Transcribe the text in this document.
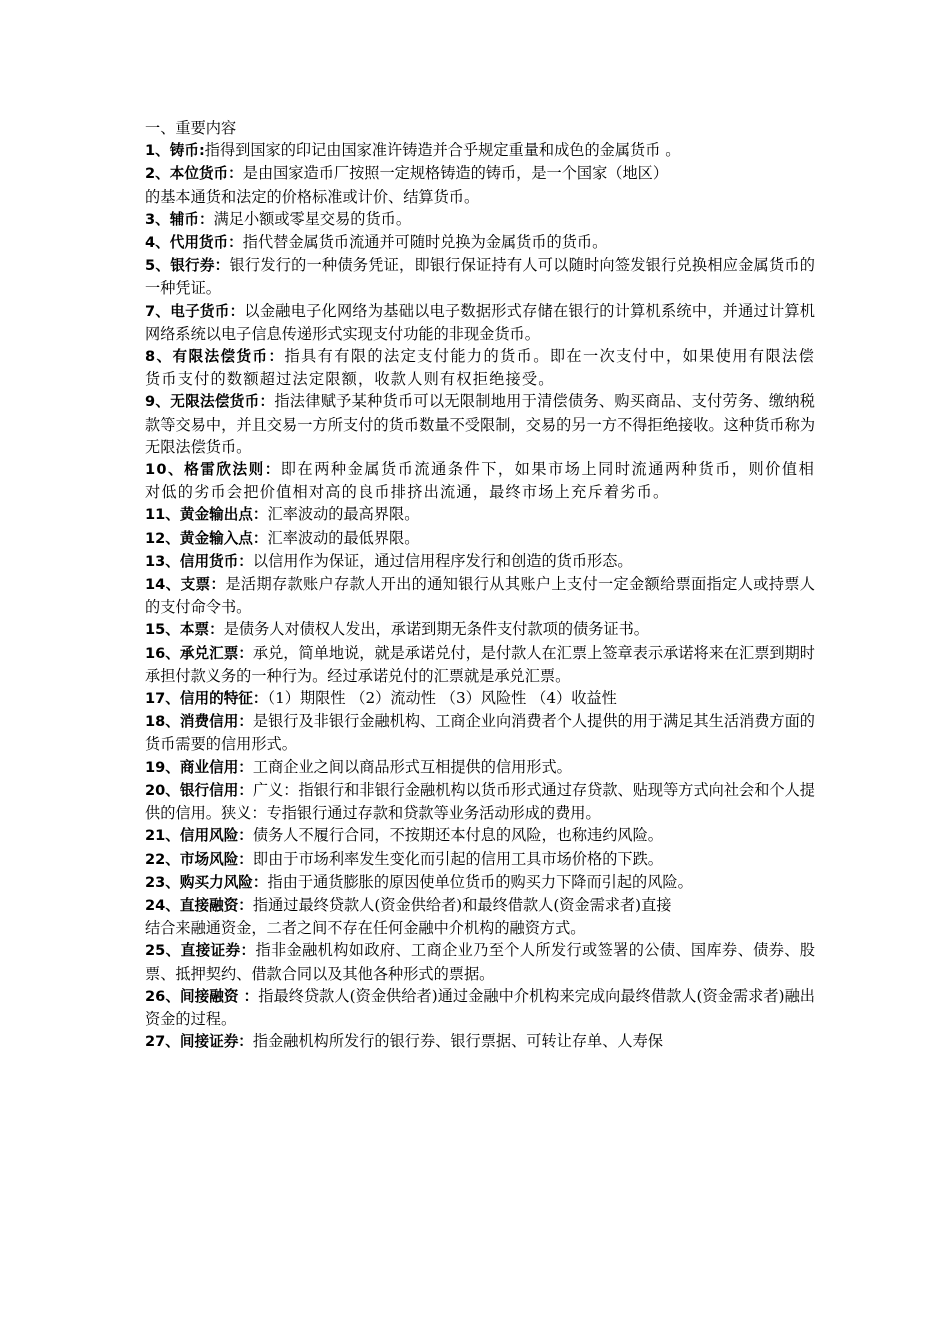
一、重要内容

1、铸币:指得到国家的印记由国家准许铸造并合乎规定重量和成色的金属货币 。

2、本位货币：是由国家造币厂按照一定规格铸造的铸币，是一个国家（地区）
的基本通货和法定的价格标准或计价、结算货币。

3、辅币：满足小额或零星交易的货币。

4、代用货币：指代替金属货币流通并可随时兑换为金属货币的货币。

5、银行券：银行发行的一种债务凭证，即银行保证持有人可以随时向签发银行兑换相应金属货币的一种凭证。

7、电子货币：以金融电子化网络为基础以电子数据形式存储在银行的计算机系统中，并通过计算机网络系统以电子信息传递形式实现支付功能的非现金货币。

8、有限法偿货币：指具有有限的法定支付能力的货币。即在一次支付中，如果使用有限法偿货币支付的数额超过法定限额，收款人则有权拒绝接受。

9、无限法偿货币：指法律赋予某种货币可以无限制地用于清偿债务、购买商品、支付劳务、缴纳税款等交易中，并且交易一方所支付的货币数量不受限制，交易的另一方不得拒绝接收。这种货币称为无限法偿货币。

10、格雷欣法则：即在两种金属货币流通条件下，如果市场上同时流通两种货币，则价值相对低的劣币会把价值相对高的良币排挤出流通，最终市场上充斥着劣币。

11、黄金输出点：汇率波动的最高界限。

12、黄金输入点：汇率波动的最低界限。

13、信用货币：以信用作为保证，通过信用程序发行和创造的货币形态。

14、支票：是活期存款账户存款人开出的通知银行从其账户上支付一定金额给票面指定人或持票人的支付命令书。

15、本票：是债务人对债权人发出，承诺到期无条件支付款项的债务证书。

16、承兑汇票：承兑，简单地说，就是承诺兑付，是付款人在汇票上签章表示承诺将来在汇票到期时承担付款义务的一种行为。经过承诺兑付的汇票就是承兑汇票。

17、信用的特征：（1）期限性 （2）流动性 （3）风险性 （4）收益性

18、消费信用：是银行及非银行金融机构、工商企业向消费者个人提供的用于满足其生活消费方面的货币需要的信用形式。

19、商业信用：工商企业之间以商品形式互相提供的信用形式。

20、银行信用：广义：指银行和非银行金融机构以货币形式通过存贷款、贴现等方式向社会和个人提供的信用。狭义：专指银行通过存款和贷款等业务活动形成的费用。

21、信用风险：债务人不履行合同，不按期还本付息的风险，也称违约风险。

22、市场风险：即由于市场利率发生变化而引起的信用工具市场价格的下跌。

23、购买力风险：指由于通货膨胀的原因使单位货币的购买力下降而引起的风险。

24、直接融资：指通过最终贷款人(资金供给者)和最终借款人(资金需求者)直接
结合来融通资金，二者之间不存在任何金融中介机构的融资方式。

25、直接证券：指非金融机构如政府、工商企业乃至个人所发行或签署的公债、国库券、债券、股票、抵押契约、借款合同以及其他各种形式的票据。

26、间接融资 ：指最终贷款人(资金供给者)通过金融中介机构来完成向最终借款人(资金需求者)融出资金的过程。

27、间接证券：指金融机构所发行的银行券、银行票据、可转让存单、人寿保
